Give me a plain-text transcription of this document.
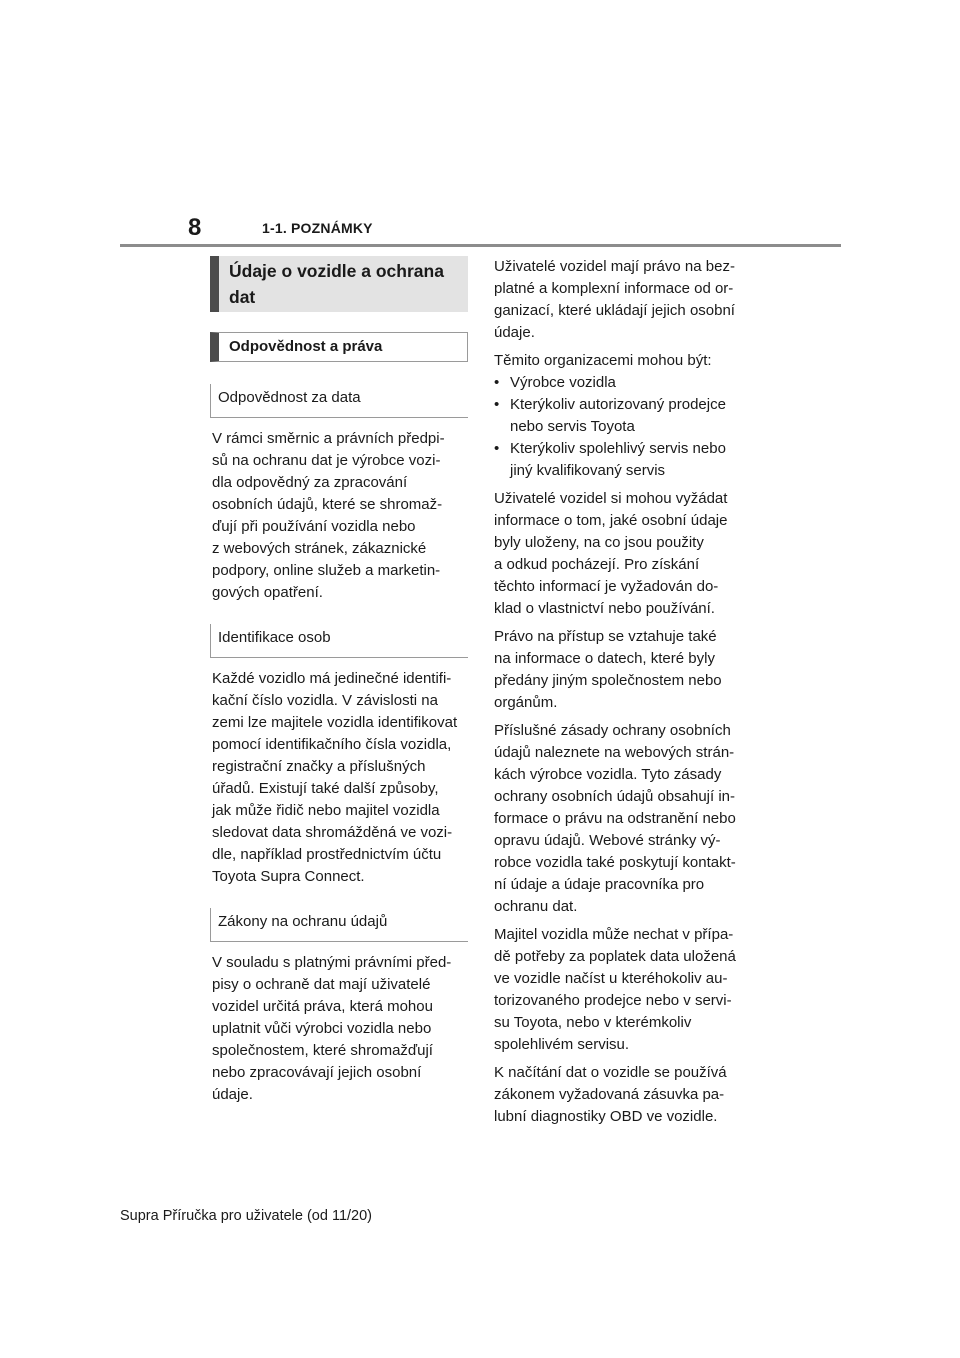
8	1-1. POZNÁMKY
Údaje o vozidle a ochrana dat
Odpovědnost a práva
Odpovědnost za data
V rámci směrnic a právních předpi-
sů na ochranu dat je výrobce vozi-
dla odpovědný za zpracování
osobních údajů, které se shromaž-
ďují při používání vozidla nebo
z webových stránek, zákaznické
podpory, online služeb a marketin-
gových opatření.
Identifikace osob
Každé vozidlo má jedinečné identifi-
kační číslo vozidla. V závislosti na
zemi lze majitele vozidla identifikovat
pomocí identifikačního čísla vozidla,
registrační značky a příslušných
úřadů. Existují také další způsoby,
jak může řidič nebo majitel vozidla
sledovat data shromážděná ve vozi-
dle, například prostřednictvím účtu
Toyota Supra Connect.
Zákony na ochranu údajů
V souladu s platnými právními před-
pisy o ochraně dat mají uživatelé
vozidel určitá práva, která mohou
uplatnit vůči výrobci vozidla nebo
společnostem, které shromažďují
nebo zpracovávají jejich osobní
údaje.
Uživatelé vozidel mají právo na bez-
platné a komplexní informace od or-
ganizací, které ukládají jejich osobní
údaje.
Těmito organizacemi mohou být:
• Výrobce vozidla
• Kterýkoliv autorizovaný prodejce
nebo servis Toyota
• Kterýkoliv spolehlivý servis nebo
jiný kvalifikovaný servis
Uživatelé vozidel si mohou vyžádat
informace o tom, jaké osobní údaje
byly uloženy, na co jsou použity
a odkud pocházejí. Pro získání
těchto informací je vyžadován do-
klad o vlastnictví nebo používání.
Právo na přístup se vztahuje také
na informace o datech, které byly
předány jiným společnostem nebo
orgánům.
Příslušné zásady ochrany osobních
údajů naleznete na webových strán-
kách výrobce vozidla. Tyto zásady
ochrany osobních údajů obsahují in-
formace o právu na odstranění nebo
opravu údajů. Webové stránky vý-
robce vozidla také poskytují kontakt-
ní údaje a údaje pracovníka pro
ochranu dat.
Majitel vozidla může nechat v přípa-
dě potřeby za poplatek data uložená
ve vozidle načíst u kteréhokoliv au-
torizovaného prodejce nebo v servi-
su Toyota, nebo v kterémkoliv
spolehlivém servisu.
K načítání dat o vozidle se používá
zákonem vyžadovaná zásuvka pa-
lubní diagnostiky OBD ve vozidle.
Supra Příručka pro uživatele (od 11/20)
